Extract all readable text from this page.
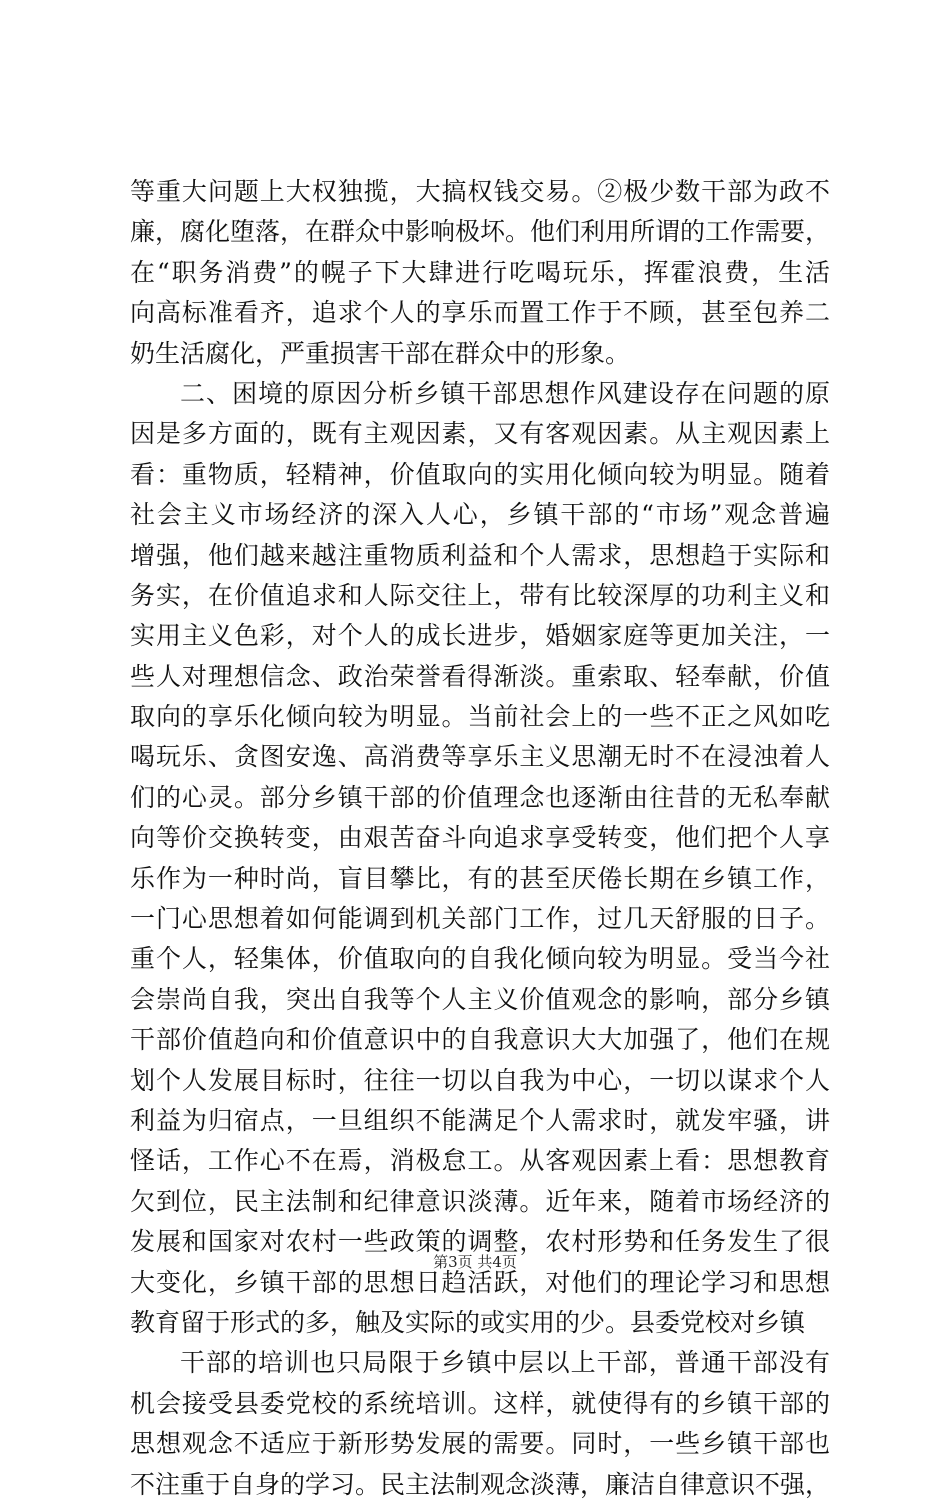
等重大问题上大权独揽，大搞权钱交易。②极少数干部为政不
廉，腐化堕落，在群众中影响极坏。他们利用所谓的工作需要，
在“职务消费”的幌子下大肆进行吃喝玩乐，挥霍浪费，生活
向高标准看齐，追求个人的享乐而置工作于不顾，甚至包养二
奶生活腐化，严重损害干部在群众中的形象。
二、困境的原因分析乡镇干部思想作风建设存在问题的原
因是多方面的，既有主观因素，又有客观因素。从主观因素上
看：重物质，轻精神，价值取向的实用化倾向较为明显。随着
社会主义市场经济的深入人心，乡镇干部的“市场”观念普遍
增强，他们越来越注重物质利益和个人需求，思想趋于实际和
务实，在价值追求和人际交往上，带有比较深厚的功利主义和
实用主义色彩，对个人的成长进步，婚姻家庭等更加关注，一
些人对理想信念、政治荣誉看得渐淡。重索取、轻奉献，价值
取向的享乐化倾向较为明显。当前社会上的一些不正之风如吃
喝玩乐、贪图安逸、高消费等享乐主义思潮无时不在浸浊着人
们的心灵。部分乡镇干部的价值理念也逐渐由往昔的无私奉献
向等价交换转变，由艰苦奋斗向追求享受转变，他们把个人享
乐作为一种时尚，盲目攀比，有的甚至厌倦长期在乡镇工作，
一门心思想着如何能调到机关部门工作，过几天舒服的日子。
重个人，轻集体，价值取向的自我化倾向较为明显。受当今社
会崇尚自我，突出自我等个人主义价值观念的影响，部分乡镇
干部价值趋向和价值意识中的自我意识大大加强了，他们在规
划个人发展目标时，往往一切以自我为中心，一切以谋求个人
利益为归宿点，一旦组织不能满足个人需求时，就发牢骚，讲
怪话，工作心不在焉，消极怠工。从客观因素上看：思想教育
欠到位，民主法制和纪律意识淡薄。近年来，随着市场经济的
发展和国家对农村一些政策的调整，农村形势和任务发生了很
大变化，乡镇干部的思想日趋活跃，对他们的理论学习和思想
教育留于形式的多，触及实际的或实用的少。县委党校对乡镇
干部的培训也只局限于乡镇中层以上干部，普通干部没有
机会接受县委党校的系统培训。这样，就使得有的乡镇干部的
思想观念不适应于新形势发展的需要。同时，一些乡镇干部也
不注重于自身的学习。民主法制观念淡薄，廉洁自律意识不强，
第3页 共4页
